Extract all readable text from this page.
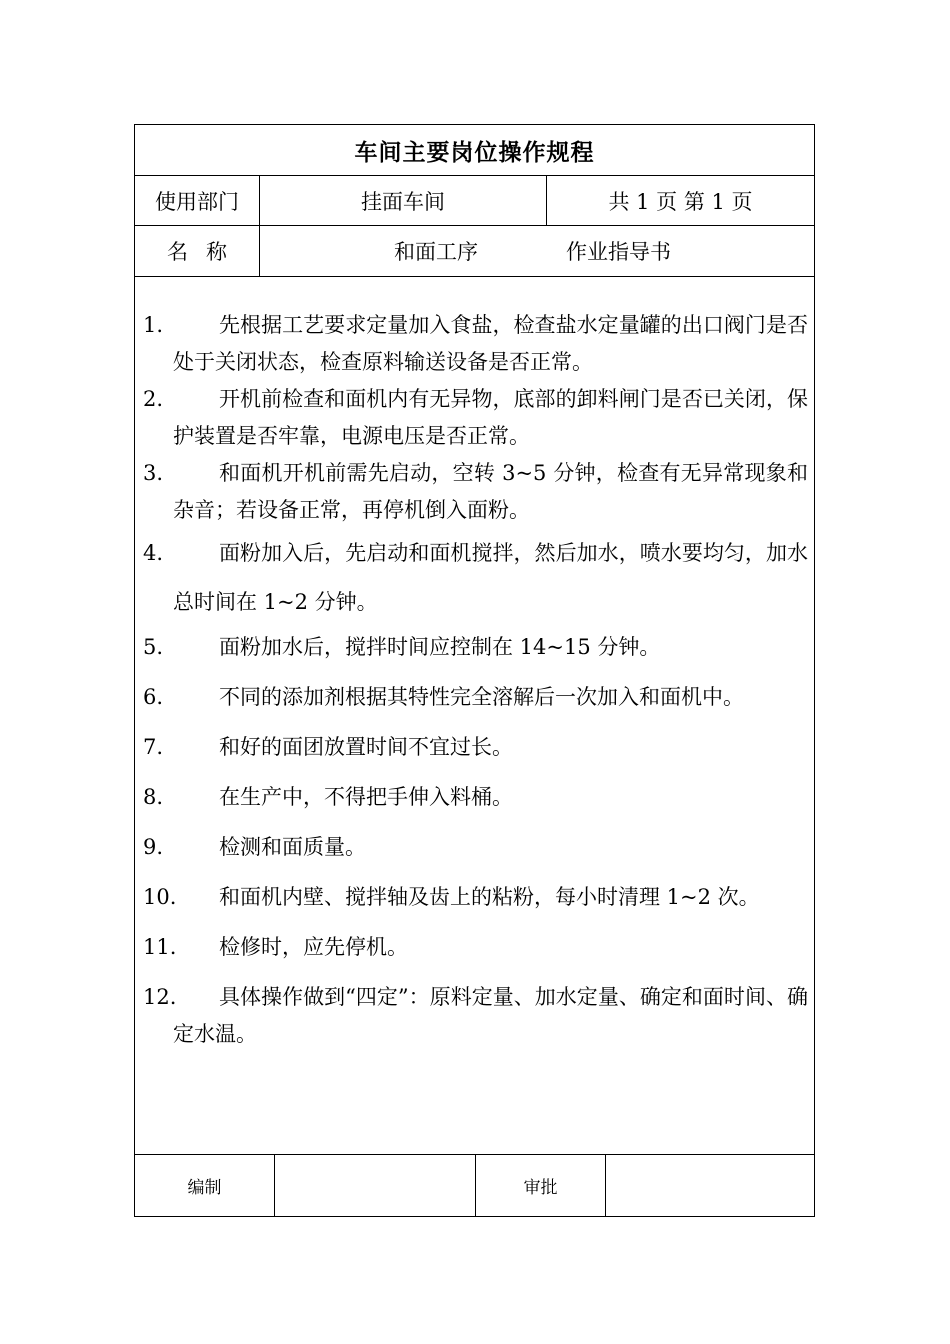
车间主要岗位操作规程
使用部门	挂面车间	共 1 页 第 1 页
名称	和面工序	作业指导书
1.	先根据工艺要求定量加入食盐，检查盐水定量罐的出口阀门是否处于关闭状态，检查原料输送设备是否正常。
2.	开机前检查和面机内有无异物，底部的卸料闸门是否已关闭，保护装置是否牢靠，电源电压是否正常。
3.	和面机开机前需先启动，空转 3~5 分钟，检查有无异常现象和杂音；若设备正常，再停机倒入面粉。
4.	面粉加入后，先启动和面机搅拌，然后加水，喷水要均匀，加水总时间在 1~2 分钟。
5.	面粉加水后，搅拌时间应控制在 14~15 分钟。
6.	不同的添加剂根据其特性完全溶解后一次加入和面机中。
7.	和好的面团放置时间不宜过长。
8.	在生产中，不得把手伸入料桶。
9.	检测和面质量。
10.	和面机内壁、搅拌轴及齿上的粘粉，每小时清理 1~2 次。
11.	检修时，应先停机。
12.	具体操作做到“四定”：原料定量、加水定量、确定和面时间、确定水温。
编制	审批
